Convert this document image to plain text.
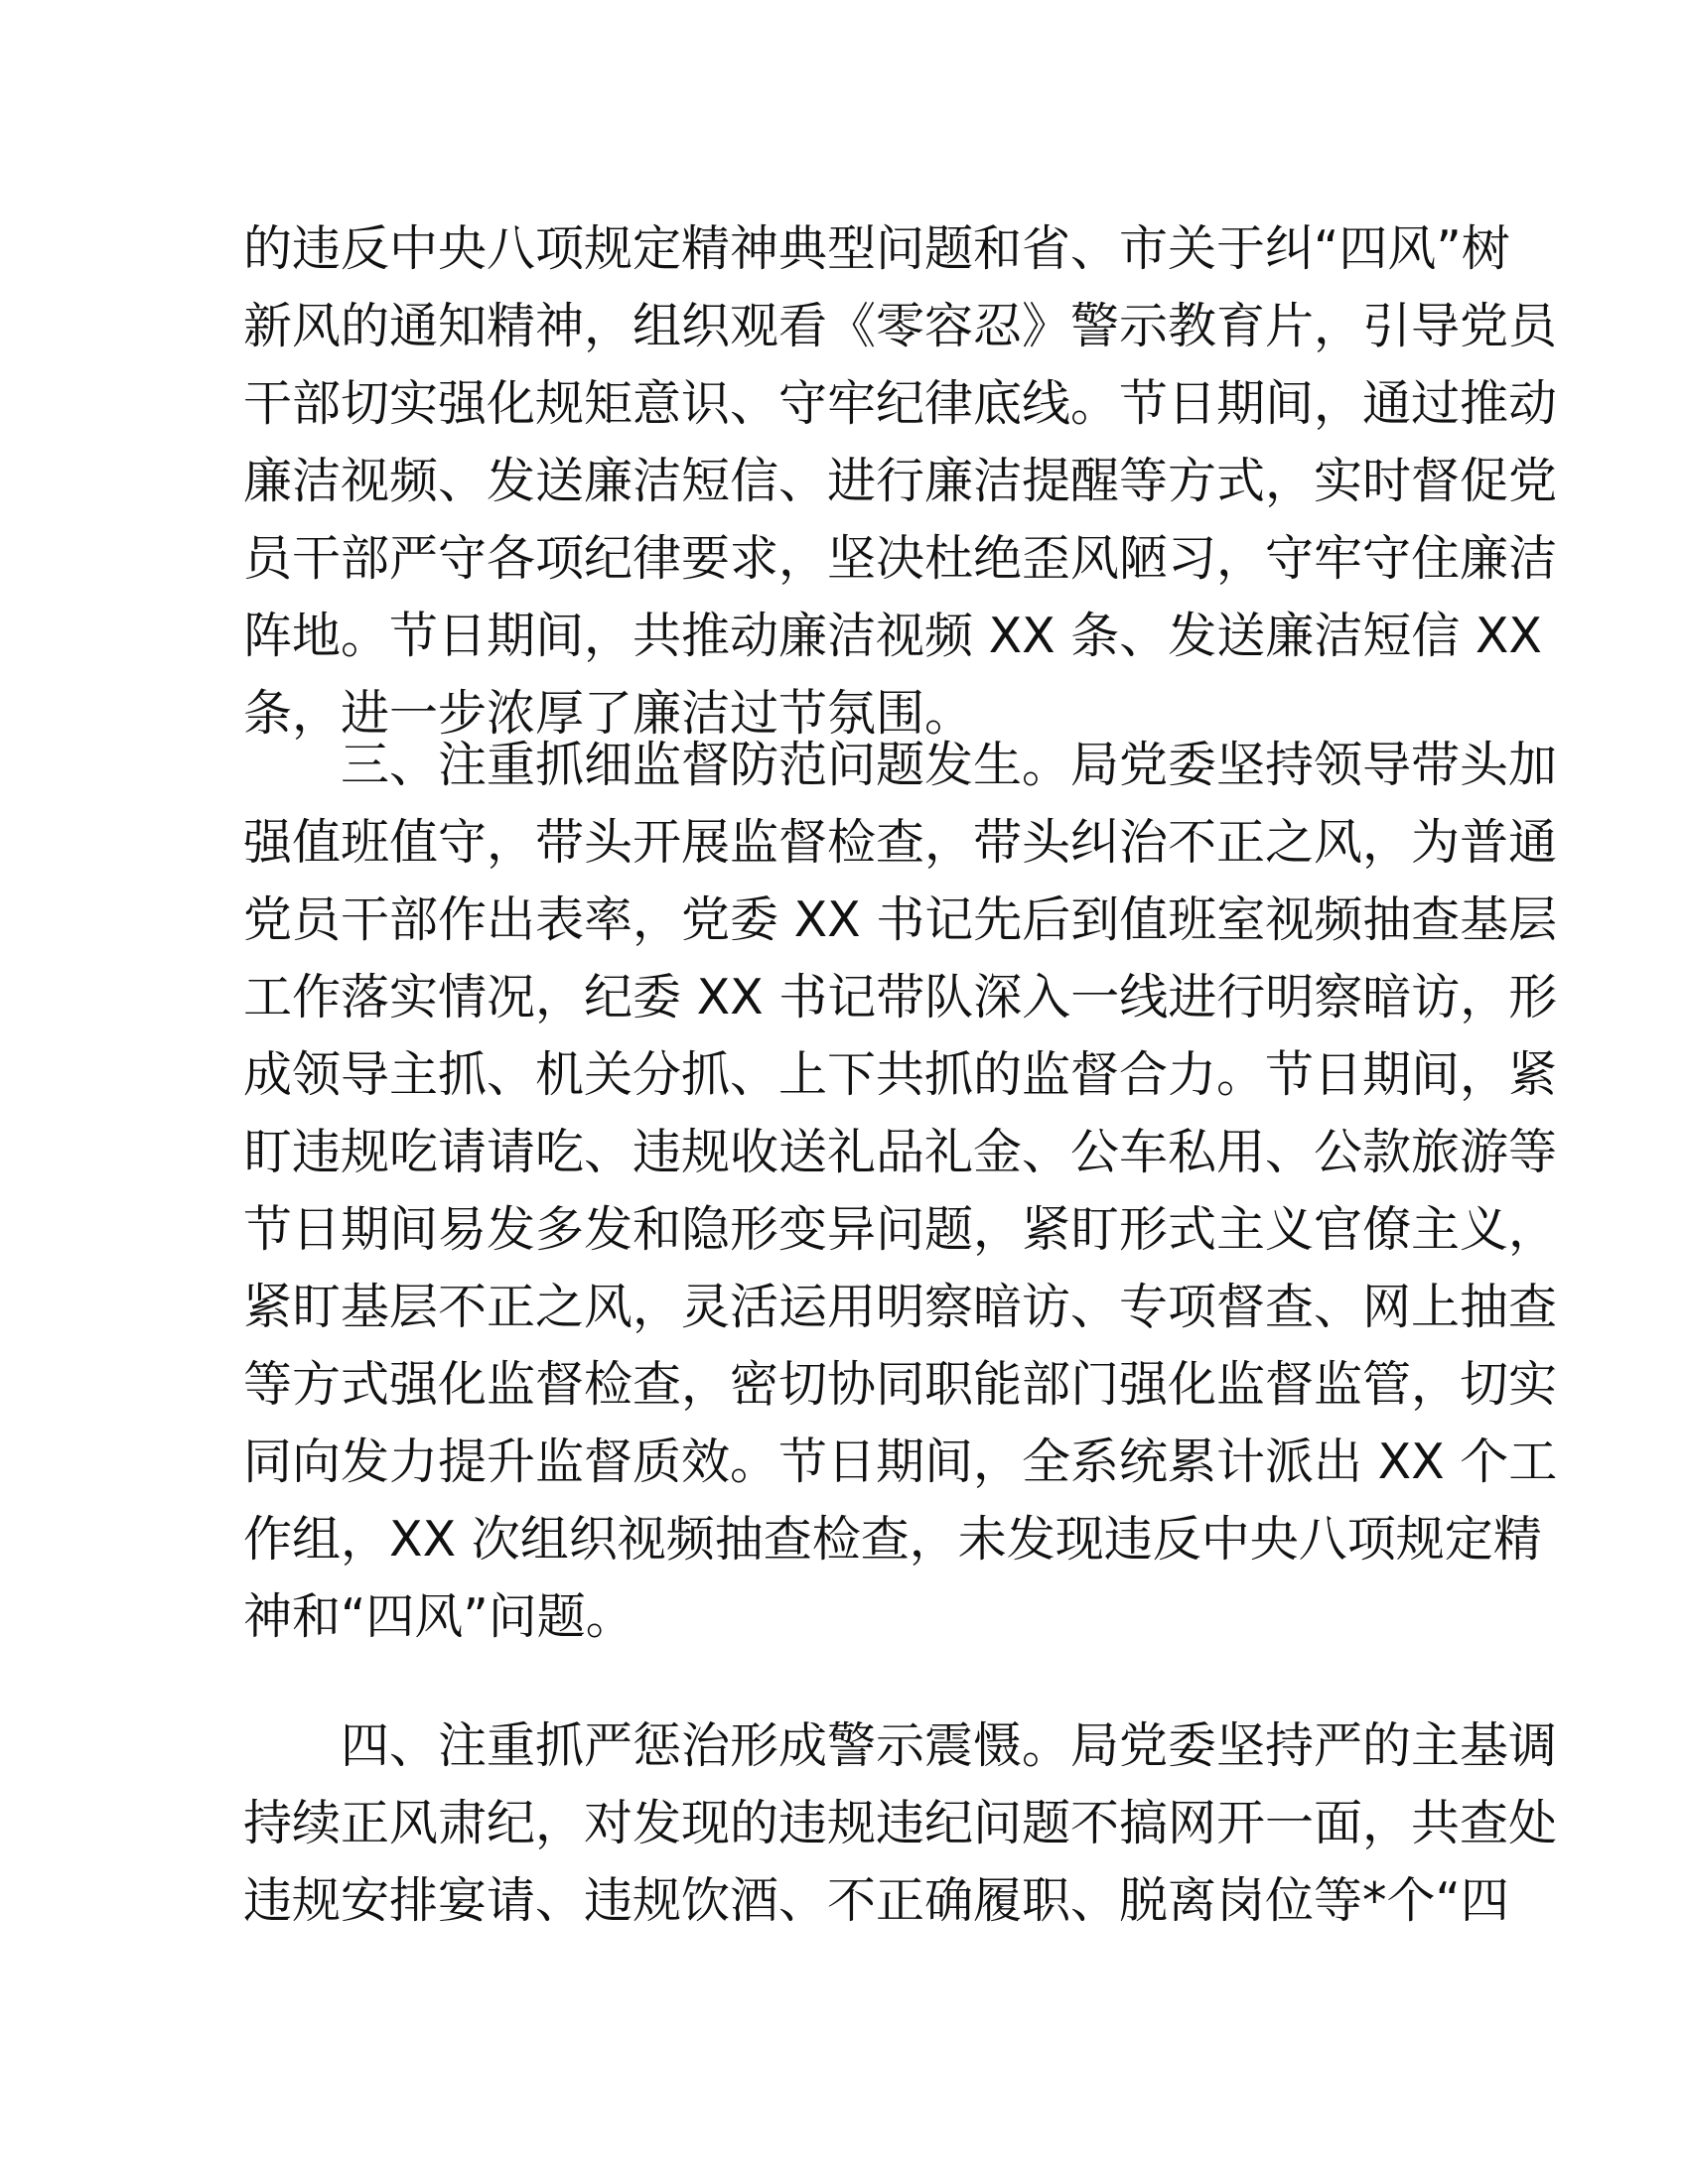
的违反中央八项规定精神典型问题和省、市关于纠“四风”树
新风的通知精神，组织观看《零容忍》警示教育片，引导党员
干部切实强化规矩意识、守牢纪律底线。节日期间，通过推动
廉洁视频、发送廉洁短信、进行廉洁提醒等方式，实时督促党
员干部严守各项纪律要求，坚决杜绝歪风陋习，守牢守住廉洁
阵地。节日期间，共推动廉洁视频 XX 条、发送廉洁短信 XX
条，进一步浓厚了廉洁过节氛围。
三、注重抓细监督防范问题发生。局党委坚持领导带头加
强值班值守，带头开展监督检查，带头纠治不正之风，为普通
党员干部作出表率，党委 XX 书记先后到值班室视频抽查基层
工作落实情况，纪委 XX 书记带队深入一线进行明察暗访，形
成领导主抓、机关分抓、上下共抓的监督合力。节日期间，紧
盯违规吃请请吃、违规收送礼品礼金、公车私用、公款旅游等
节日期间易发多发和隐形变异问题，紧盯形式主义官僚主义，
紧盯基层不正之风，灵活运用明察暗访、专项督查、网上抽查
等方式强化监督检查，密切协同职能部门强化监督监管，切实
同向发力提升监督质效。节日期间，全系统累计派出 XX 个工
作组，XX 次组织视频抽查检查，未发现违反中央八项规定精
神和“四风”问题。
四、注重抓严惩治形成警示震慑。局党委坚持严的主基调
持续正风肃纪，对发现的违规违纪问题不搞网开一面，共查处
违规安排宴请、违规饮酒、不正确履职、脱离岗位等*个“四
